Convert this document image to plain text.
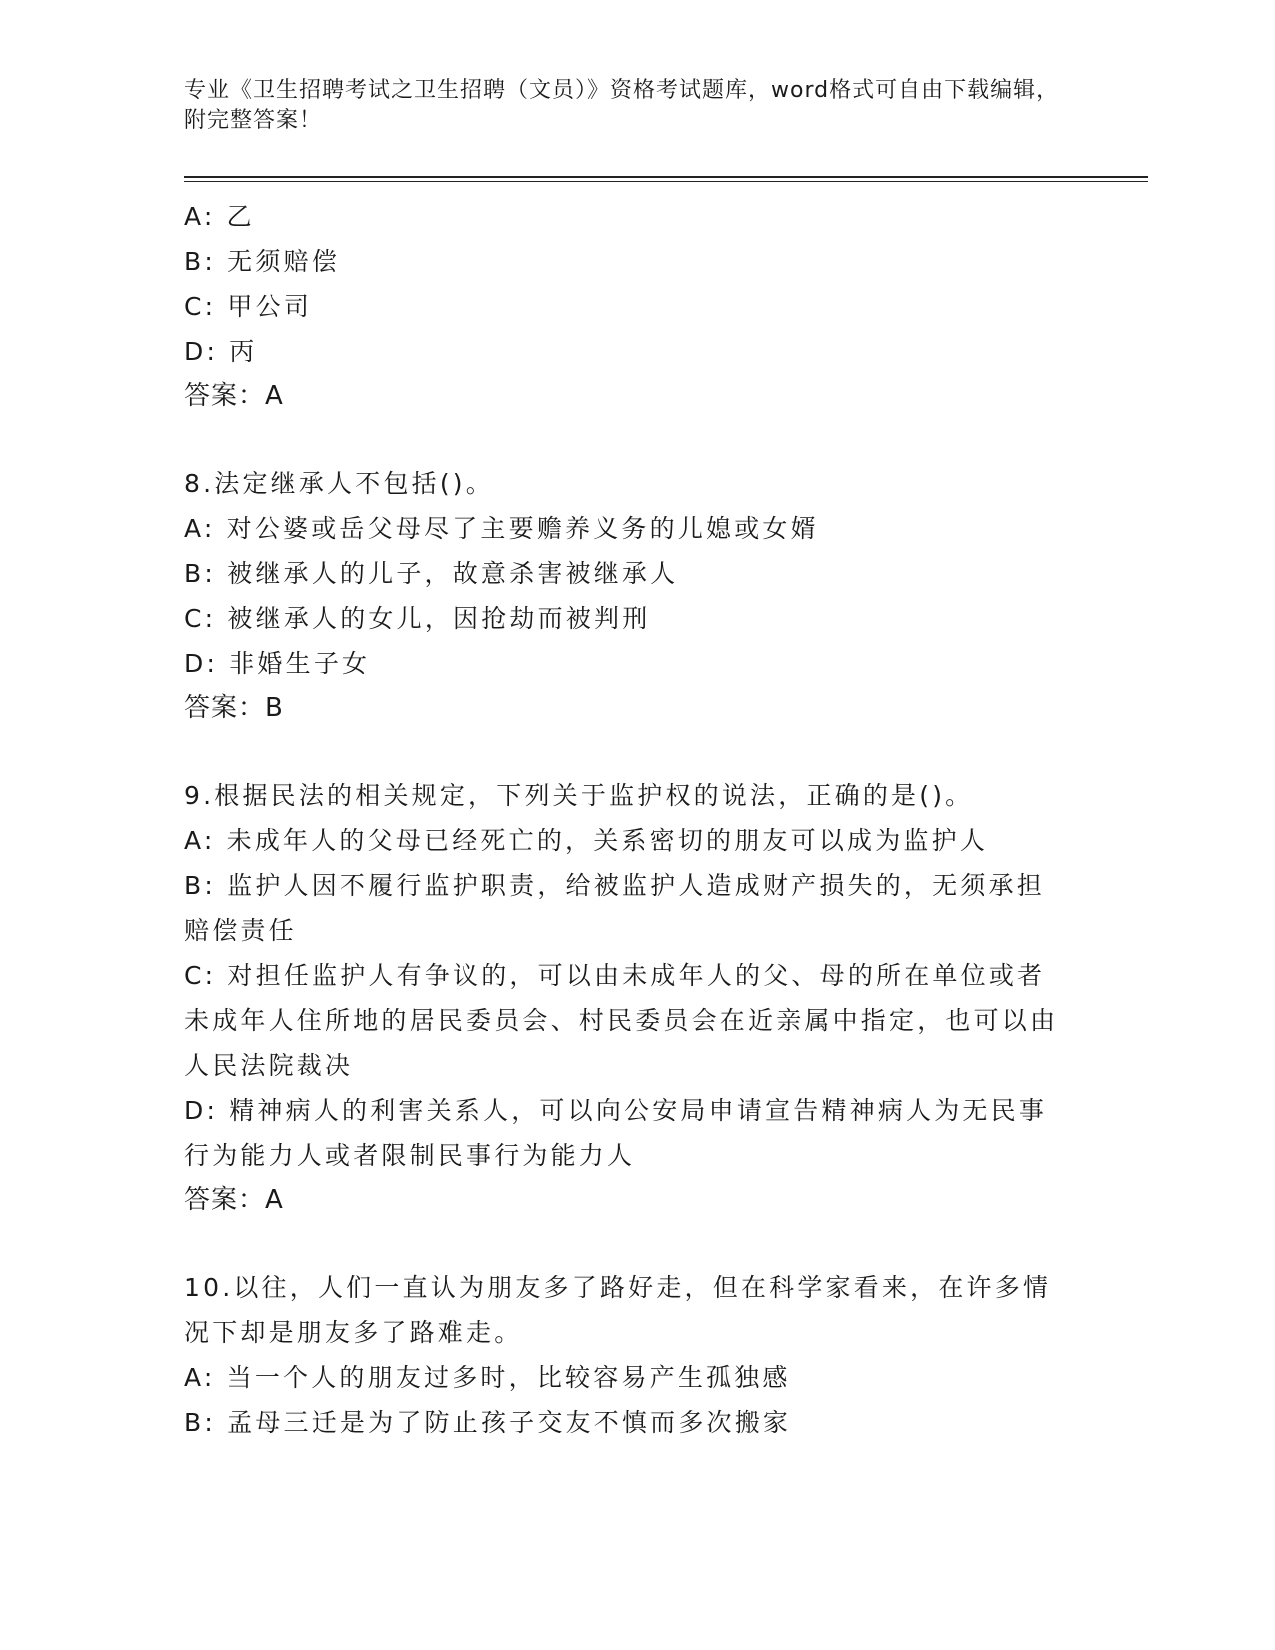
专业《卫生招聘考试之卫生招聘（文员）》资格考试题库，word格式可自由下载编辑，附完整答案！
A: 乙
B: 无须赔偿
C: 甲公司
D: 丙
答案：A
8.法定继承人不包括()。
A: 对公婆或岳父母尽了主要赡养义务的儿媳或女婿
B: 被继承人的儿子，故意杀害被继承人
C: 被继承人的女儿，因抢劫而被判刑
D: 非婚生子女
答案：B
9.根据民法的相关规定，下列关于监护权的说法，正确的是()。
A: 未成年人的父母已经死亡的，关系密切的朋友可以成为监护人
B: 监护人因不履行监护职责，给被监护人造成财产损失的，无须承担赔偿责任
C: 对担任监护人有争议的，可以由未成年人的父、母的所在单位或者未成年人住所地的居民委员会、村民委员会在近亲属中指定，也可以由人民法院裁决
D: 精神病人的利害关系人，可以向公安局申请宣告精神病人为无民事行为能力人或者限制民事行为能力人
答案：A
10.以往，人们一直认为朋友多了路好走，但在科学家看来，在许多情况下却是朋友多了路难走。
A: 当一个人的朋友过多时，比较容易产生孤独感
B: 孟母三迁是为了防止孩子交友不慎而多次搬家
